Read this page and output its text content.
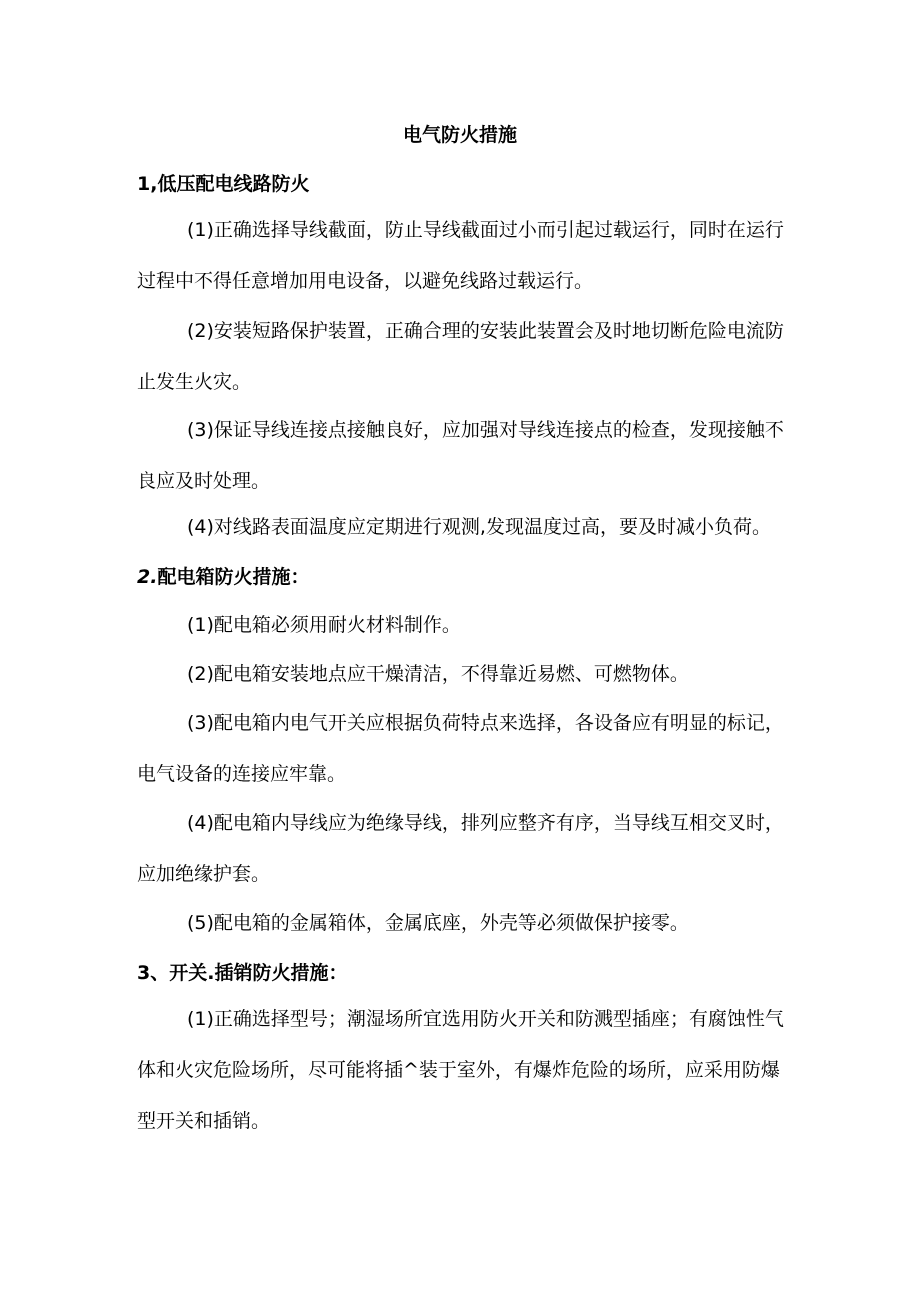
电气防火措施
1,低压配电线路防火
(1)正确选择导线截面，防止导线截面过小而引起过载运行，同时在运行过程中不得任意增加用电设备，以避免线路过载运行。
(2)安装短路保护装置，正确合理的安装此装置会及时地切断危险电流防止发生火灾。
(3)保证导线连接点接触良好，应加强对导线连接点的检查，发现接触不良应及时处理。
(4)对线路表面温度应定期进行观测,发现温度过高，要及时减小负荷。
2.配电箱防火措施：
(1)配电箱必须用耐火材料制作。
(2)配电箱安装地点应干燥清洁，不得靠近易燃、可燃物体。
(3)配电箱内电气开关应根据负荷特点来选择，各设备应有明显的标记，电气设备的连接应牢靠。
(4)配电箱内导线应为绝缘导线，排列应整齐有序，当导线互相交叉时，应加绝缘护套。
(5)配电箱的金属箱体，金属底座，外壳等必须做保护接零。
3、开关.插销防火措施：
(1)正确选择型号；潮湿场所宜选用防火开关和防溅型插座；有腐蚀性气体和火灾危险场所，尽可能将插^装于室外，有爆炸危险的场所，应采用防爆型开关和插销。
